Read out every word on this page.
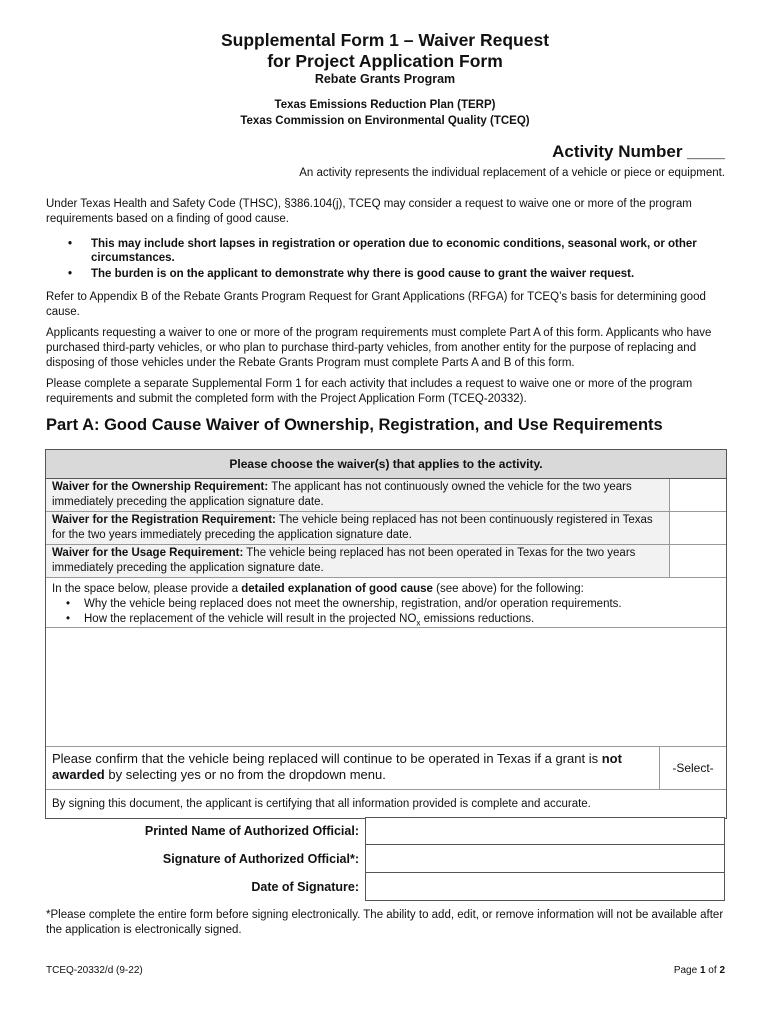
Supplemental Form 1 – Waiver Request
for Project Application Form
Rebate Grants Program
Texas Emissions Reduction Plan (TERP)
Texas Commission on Environmental Quality (TCEQ)
Activity Number ____
An activity represents the individual replacement of a vehicle or piece or equipment.
Under Texas Health and Safety Code (THSC), §386.104(j), TCEQ may consider a request to waive one or more of the program requirements based on a finding of good cause.
• This may include short lapses in registration or operation due to economic conditions, seasonal work, or other circumstances.
• The burden is on the applicant to demonstrate why there is good cause to grant the waiver request.
Refer to Appendix B of the Rebate Grants Program Request for Grant Applications (RFGA) for TCEQ’s basis for determining good cause.
Applicants requesting a waiver to one or more of the program requirements must complete Part A of this form. Applicants who have purchased third-party vehicles, or who plan to purchase third-party vehicles, from another entity for the purpose of replacing and disposing of those vehicles under the Rebate Grants Program must complete Parts A and B of this form.
Please complete a separate Supplemental Form 1 for each activity that includes a request to waive one or more of the program requirements and submit the completed form with the Project Application Form (TCEQ-20332).
Part A: Good Cause Waiver of Ownership, Registration, and Use Requirements
Please choose the waiver(s) that applies to the activity.
Waiver for the Ownership Requirement: The applicant has not continuously owned the vehicle for the two years immediately preceding the application signature date.
Waiver for the Registration Requirement: The vehicle being replaced has not been continuously registered in Texas for the two years immediately preceding the application signature date.
Waiver for the Usage Requirement: The vehicle being replaced has not been operated in Texas for the two years immediately preceding the application signature date.
In the space below, please provide a detailed explanation of good cause (see above) for the following:
• Why the vehicle being replaced does not meet the ownership, registration, and/or operation requirements.
• How the replacement of the vehicle will result in the projected $NO_x$ emissions reductions.
Please confirm that the vehicle being replaced will continue to be operated in Texas if a grant is not awarded by selecting yes or no from the dropdown menu.	-Select-
By signing this document, the applicant is certifying that all information provided is complete and accurate.
Printed Name of Authorized Official:
Signature of Authorized Official*:
Date of Signature:
*Please complete the entire form before signing electronically. The ability to add, edit, or remove information will not be available after the application is electronically signed.
TCEQ-20332/d (9-22)	Page 1 of 2
